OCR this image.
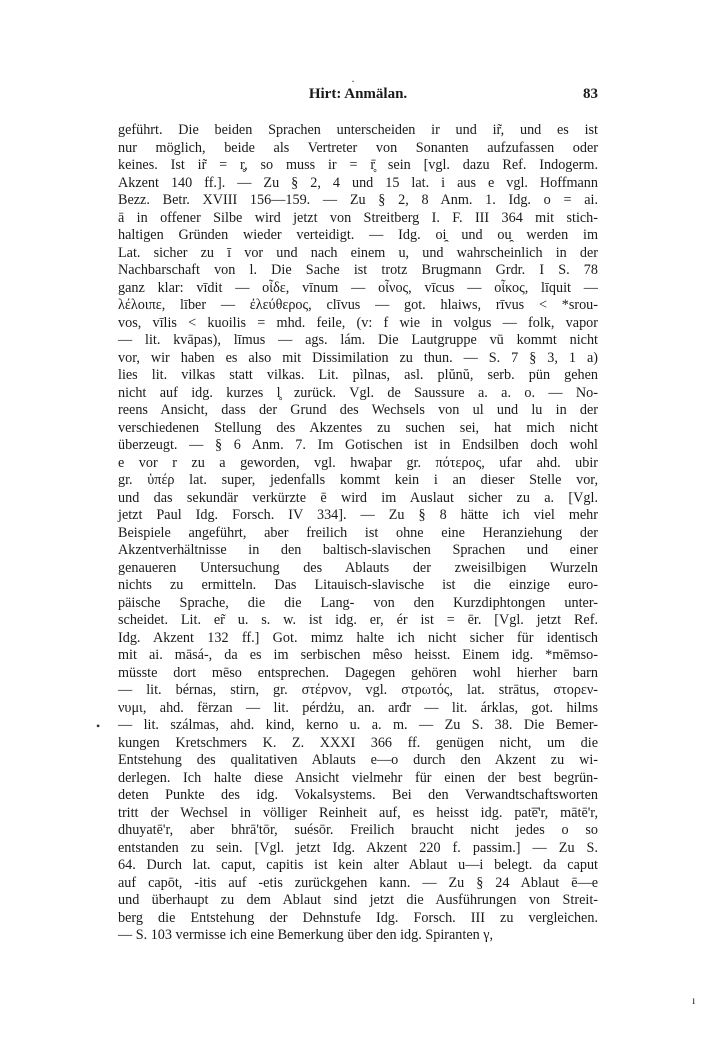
Hirt: Anmälan.	83
·
•
ı
geführt. Die beiden Sprachen unterscheiden ir und ir̃, und es ist
nur möglich, beide als Vertreter von Sonanten aufzufassen oder
keines. Ist ir̃ = r̥, so muss ir = r̥̄ sein [vgl. dazu Ref. Indogerm.
Akzent 140 ff.]. — Zu § 2, 4 und 15 lat. i aus e vgl. Hoffmann
Bezz. Betr. XVIII 156—159. — Zu § 2, 8 Anm. 1. Idg. o = ai.
ā in offener Silbe wird jetzt von Streitberg I. F. III 364 mit stich-
haltigen Gründen wieder verteidigt. — Idg. oi̯ und ou̯ werden im
Lat. sicher zu ī vor und nach einem u, und wahrscheinlich in der
Nachbarschaft von l. Die Sache ist trotz Brugmann Grdr. I S. 78
ganz klar: vīdit — οἶδε, vīnum — οἶνος, vīcus — οἶκος, līquit —
λέλοιπε, līber — ἐλεύθερος, clīvus — got. hlaiws, rīvus < *srou-
vos, vīlis < kuoilis = mhd. feile, (v: f wie in volgus — folk, vapor
— lit. kvāpas), līmus — ags. lám. Die Lautgruppe vū kommt nicht
vor, wir haben es also mit Dissimilation zu thun. — S. 7 § 3, 1 a)
lies lit. vilkas statt vilkas. Lit. pìlnas, asl. plŭnŭ, serb. pün gehen
nicht auf idg. kurzes l̥ zurück. Vgl. de Saussure a. a. o. — No-
reens Ansicht, dass der Grund des Wechsels von ul und lu in der
verschiedenen Stellung des Akzentes zu suchen sei, hat mich nicht
überzeugt. — § 6 Anm. 7. Im Gotischen ist in Endsilben doch wohl
e vor r zu a geworden, vgl. hwaþar gr. πότερος, ufar ahd. ubir
gr. ὑπέρ lat. super, jedenfalls kommt kein i an dieser Stelle vor,
und das sekundär verkürzte ē wird im Auslaut sicher zu a. [Vgl.
jetzt Paul Idg. Forsch. IV 334]. — Zu § 8 hätte ich viel mehr
Beispiele angeführt, aber freilich ist ohne eine Heranziehung der
Akzentverhältnisse in den baltisch-slavischen Sprachen und einer
genaueren Untersuchung des Ablauts der zweisilbigen Wurzeln
nichts zu ermitteln. Das Litauisch-slavische ist die einzige euro-
päische Sprache, die die Lang- von den Kurzdiphtongen unter-
scheidet. Lit. er̃ u. s. w. ist idg. er, ér ist = ēr. [Vgl. jetzt Ref.
Idg. Akzent 132 ff.] Got. mimz halte ich nicht sicher für identisch
mit ai. māsá-, da es im serbischen mêso heisst. Einem idg. *mēmso-
müsste dort mēso entsprechen. Dagegen gehören wohl hierher barn
— lit. bérnas, stirn, gr. στέρνον, vgl. στρωτός, lat. strātus, στορεν-
νυμι, ahd. fërzan — lit. pérdżu, an. arđr — lit. árklas, got. hilms
— lit. szálmas, ahd. kind, kerno u. a. m. — Zu S. 38. Die Bemer-
kungen Kretschmers K. Z. XXXI 366 ff. genügen nicht, um die
Entstehung des qualitativen Ablauts e—o durch den Akzent zu wi-
derlegen. Ich halte diese Ansicht vielmehr für einen der best begrün-
deten Punkte des idg. Vokalsystems. Bei den Verwandtschaftsworten
tritt der Wechsel in völliger Reinheit auf, es heisst idg. pate̅'r, mātē'r,
dhuyatē'r, aber bhrā'tōr, suésōr. Freilich braucht nicht jedes o so
entstanden zu sein. [Vgl. jetzt Idg. Akzent 220 f. passim.] — Zu S.
64. Durch lat. caput, capitis ist kein alter Ablaut u—i belegt. da caput
auf capōt, -itis auf -etis zurückgehen kann. — Zu § 24 Ablaut ē—e
und überhaupt zu dem Ablaut sind jetzt die Ausführungen von Streit-
berg die Entstehung der Dehnstufe Idg. Forsch. III zu vergleichen.
— S. 103 vermisse ich eine Bemerkung über den idg. Spiranten γ,
